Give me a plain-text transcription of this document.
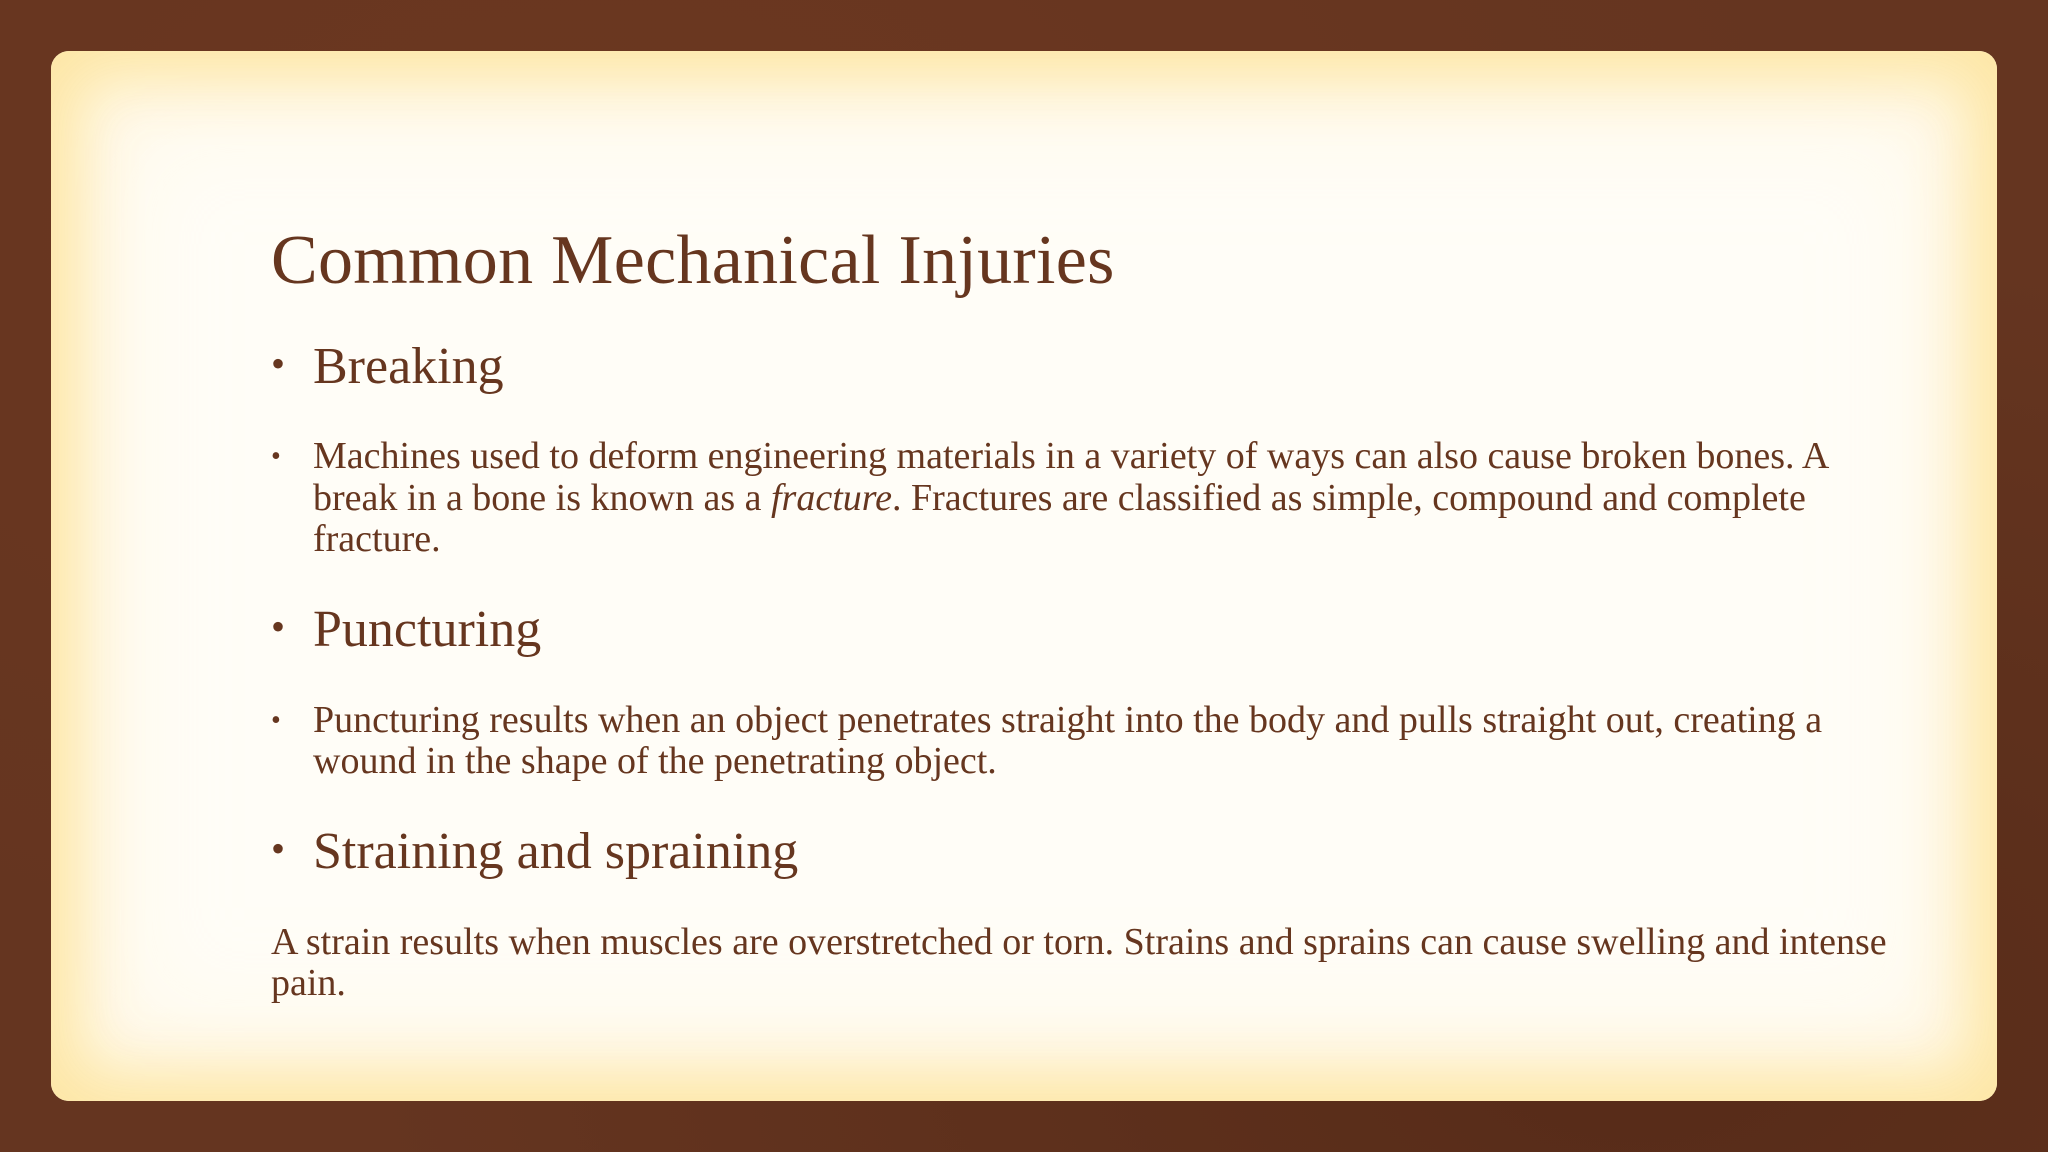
Common Mechanical Injuries
• Breaking
• Machines used to deform engineering materials in a variety of ways can also cause broken bones. A break in a bone is known as a fracture. Fractures are classified as simple, compound and complete fracture.
• Puncturing
• Puncturing results when an object penetrates straight into the body and pulls straight out, creating a wound in the shape of the penetrating object.
• Straining and spraining

A strain results when muscles are overstretched or torn. Strains and sprains can cause swelling and intense pain.
